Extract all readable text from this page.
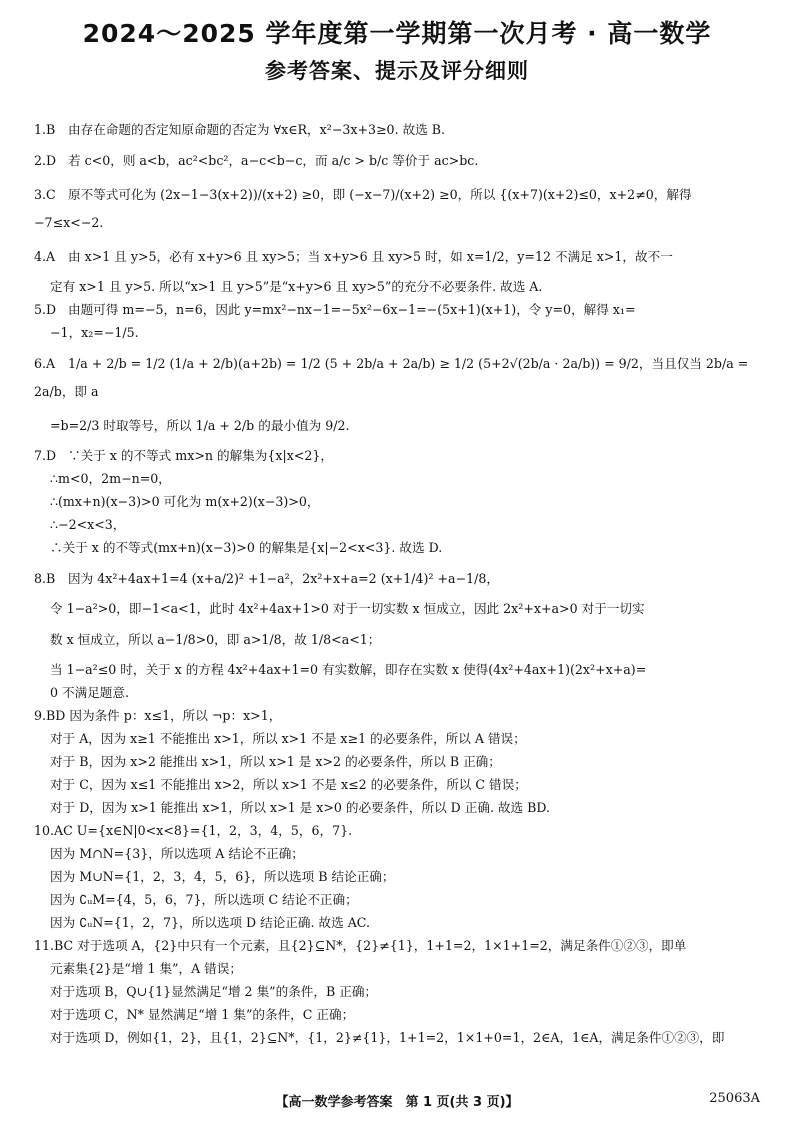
2024～2025 学年度第一学期第一次月考 · 高一数学
参考答案、提示及评分细则
1.B 由存在命题的否定知原命题的否定为 ∀x∈R，x²−3x+3≥0. 故选 B.
2.D 若 c<0，则 a<b，ac²<bc²，a−c<b−c，而 a/c > b/c 等价于 ac>bc.
3.C 原不等式可化为 (2x−1−3(x+2))/(x+2) ≥0，即 (−x−7)/(x+2) ≥0，所以 {(x+7)(x+2)≤0，x+2≠0，解得 −7≤x<−2.
4.A 由 x>1 且 y>5，必有 x+y>6 且 xy>5；当 x+y>6 且 xy>5 时，如 x=1/2，y=12 不满足 x>1，故不一
定有 x>1 且 y>5. 所以“x>1 且 y>5”是“x+y>6 且 xy>5”的充分不必要条件. 故选 A.
5.D 由题可得 m=−5，n=6，因此 y=mx²−nx−1=−5x²−6x−1=−(5x+1)(x+1)，令 y=0，解得 x₁=
−1，x₂=−1/5.
6.A 1/a + 2/b = 1/2 (1/a + 2/b)(a+2b) = 1/2 (5 + 2b/a + 2a/b) ≥ 1/2 (5+2√(2b/a · 2a/b)) = 9/2，当且仅当 2b/a = 2a/b，即 a
=b=2/3 时取等号，所以 1/a + 2/b 的最小值为 9/2.
7.D ∵关于 x 的不等式 mx>n 的解集为{x|x<2}，
∴m<0，2m−n=0，
∴(mx+n)(x−3)>0 可化为 m(x+2)(x−3)>0，
∴−2<x<3，
∴关于 x 的不等式(mx+n)(x−3)>0 的解集是{x|−2<x<3}. 故选 D.
8.B 因为 4x²+4ax+1=4 (x+a/2)² +1−a²，2x²+x+a=2 (x+1/4)² +a−1/8，
令 1−a²>0，即−1<a<1，此时 4x²+4ax+1>0 对于一切实数 x 恒成立，因此 2x²+x+a>0 对于一切实
数 x 恒成立，所以 a−1/8>0，即 a>1/8，故 1/8<a<1；
当 1−a²≤0 时，关于 x 的方程 4x²+4ax+1=0 有实数解，即存在实数 x 使得(4x²+4ax+1)(2x²+x+a)=
0 不满足题意.
9.BD 因为条件 p：x≤1，所以 ¬p：x>1，
对于 A，因为 x≥1 不能推出 x>1，所以 x>1 不是 x≥1 的必要条件，所以 A 错误；
对于 B，因为 x>2 能推出 x>1，所以 x>1 是 x>2 的必要条件，所以 B 正确；
对于 C，因为 x≤1 不能推出 x>2，所以 x>1 不是 x≤2 的必要条件，所以 C 错误；
对于 D，因为 x>1 能推出 x>1，所以 x>1 是 x>0 的必要条件，所以 D 正确. 故选 BD.
10.AC U={x∈N|0<x<8}={1，2，3，4，5，6，7}.
因为 M∩N={3}，所以选项 A 结论不正确；
因为 M∪N={1，2，3，4，5，6}，所以选项 B 结论正确；
因为 ∁ᵤM={4，5，6，7}，所以选项 C 结论不正确；
因为 ∁ᵤN={1，2，7}，所以选项 D 结论正确. 故选 AC.
11.BC 对于选项 A，{2}中只有一个元素，且{2}⊆N*，{2}≠{1}，1+1=2，1×1+1=2，满足条件①②③，即单
元素集{2}是“增 1 集”，A 错误；
对于选项 B，Q∪{1}显然满足“增 2 集”的条件，B 正确；
对于选项 C，N* 显然满足“增 1 集”的条件，C 正确；
对于选项 D，例如{1，2}，且{1，2}⊆N*，{1，2}≠{1}，1+1=2，1×1+0=1，2∈A，1∈A，满足条件①②③，即
【高一数学参考答案　第 1 页(共 3 页)】	25063A
